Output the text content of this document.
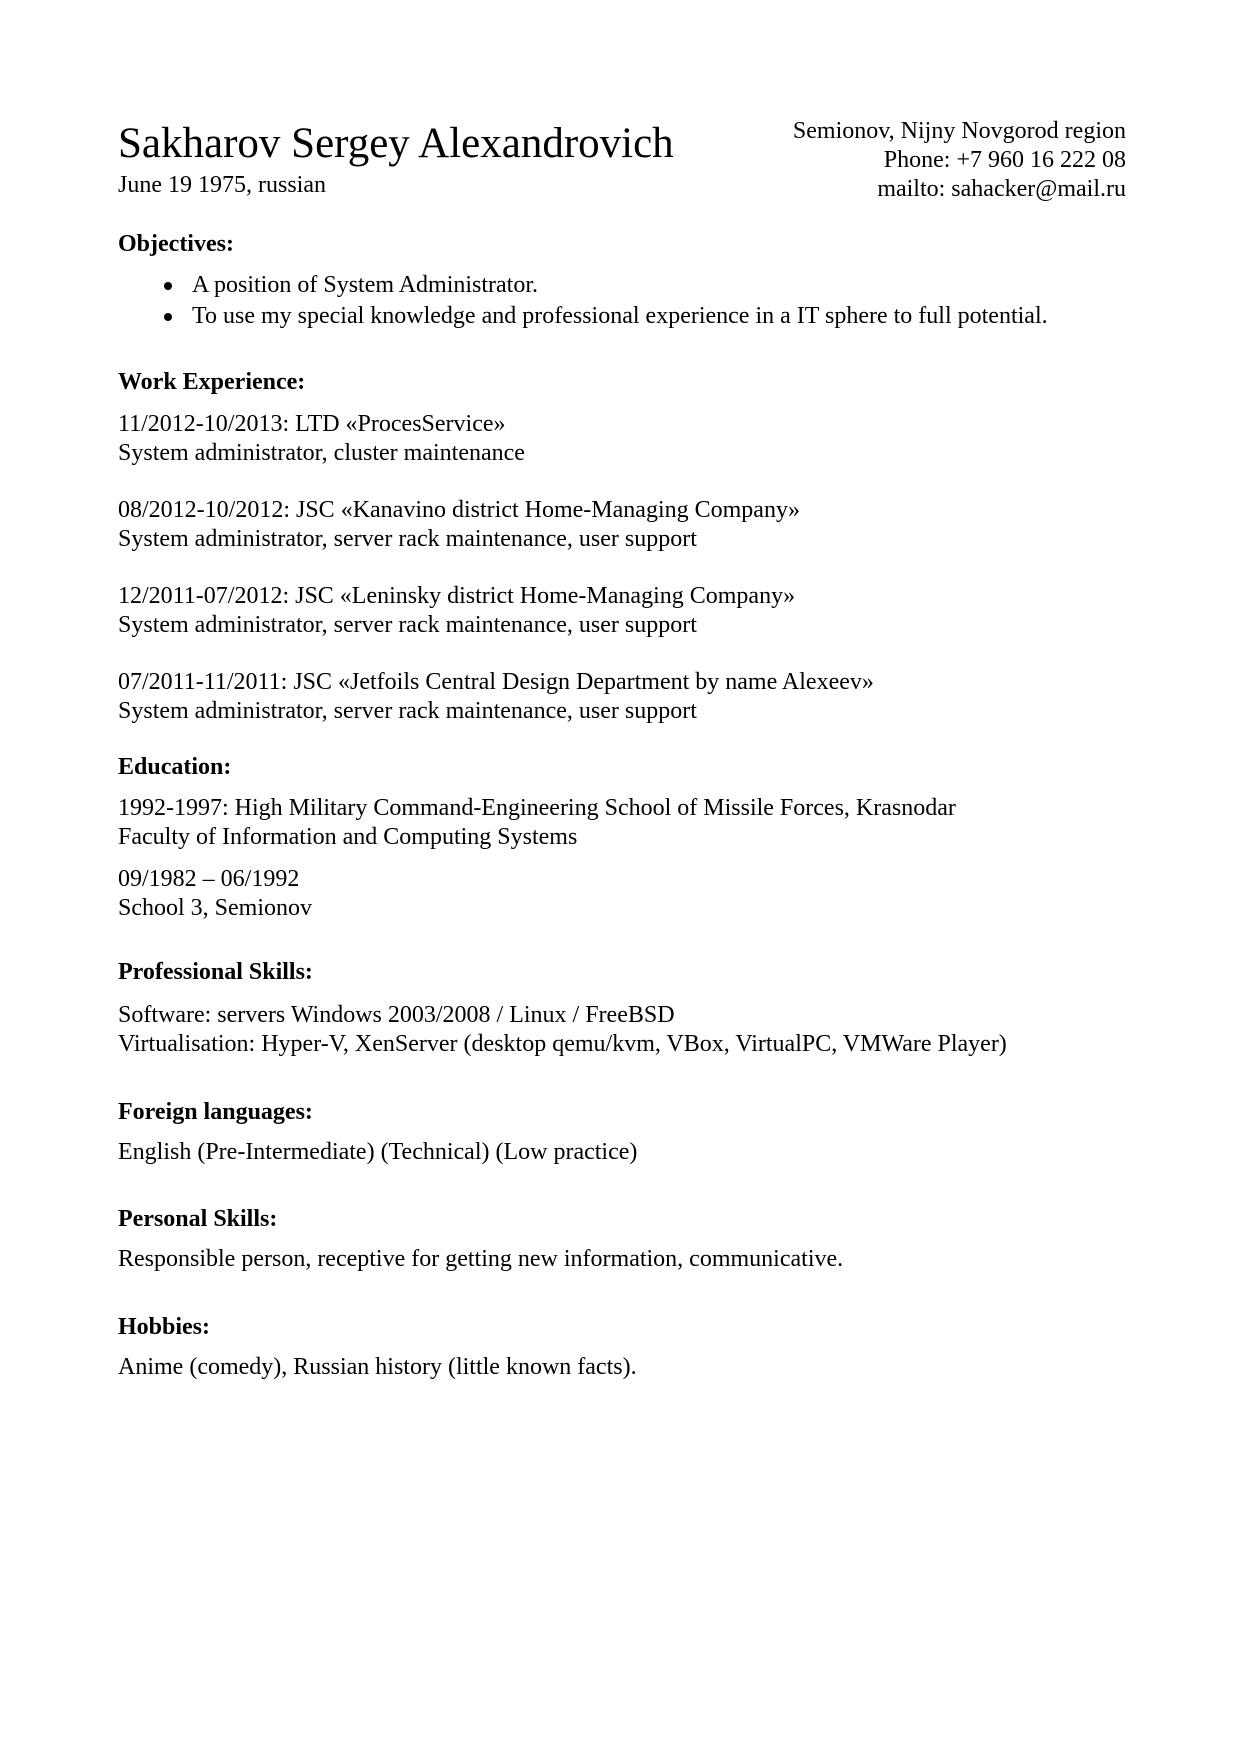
Sakharov Sergey Alexandrovich
June 19 1975, russian
Semionov, Nijny Novgorod region
Phone: +7 960 16 222 08
mailto: sahacker@mail.ru
Objectives:
A position of System Administrator.
To use my special knowledge and professional experience in a IT sphere to full potential.
Work Experience:
11/2012-10/2013: LTD «ProcesService»
System administrator, cluster maintenance
08/2012-10/2012: JSC «Kanavino district Home-Managing Company»
System administrator, server rack maintenance, user support
12/2011-07/2012: JSC «Leninsky district Home-Managing Company»
System administrator, server rack maintenance, user support
07/2011-11/2011: JSC «Jetfoils Central Design Department by name Alexeev»
System administrator, server rack maintenance, user support
Education:
1992-1997: High Military Command-Engineering School of Missile Forces, Krasnodar
Faculty of Information and Computing Systems
09/1982 – 06/1992
School 3, Semionov
Professional Skills:
Software: servers Windows 2003/2008 / Linux / FreeBSD
Virtualisation: Hyper-V, XenServer (desktop qemu/kvm, VBox, VirtualPC, VMWare Player)
Foreign languages:
English (Pre-Intermediate) (Technical) (Low practice)
Personal Skills:
Responsible person, receptive for getting new information, communicative.
Hobbies:
Anime (comedy), Russian history (little known facts).
